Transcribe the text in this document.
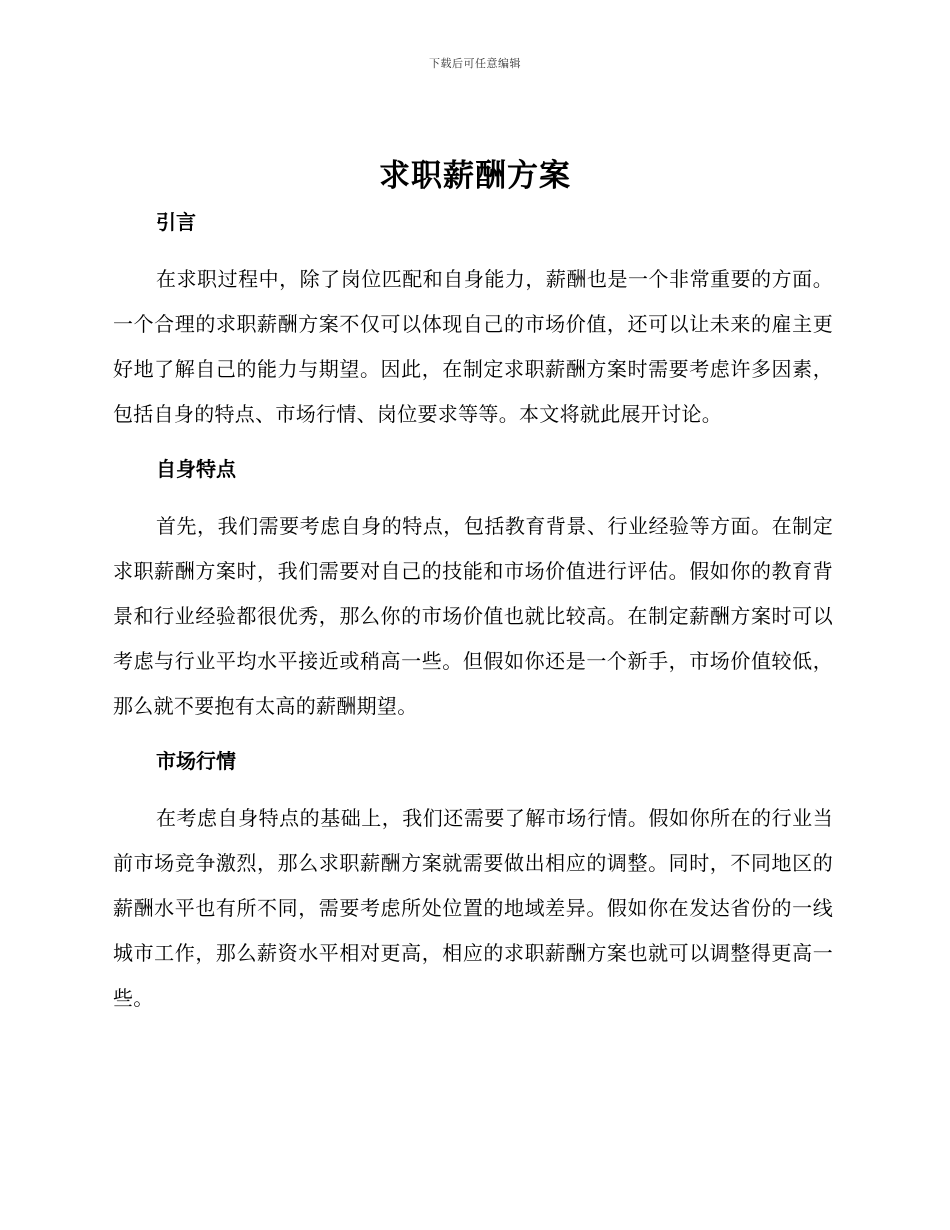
下载后可任意编辑
求职薪酬方案
引言

在求职过程中，除了岗位匹配和自身能力，薪酬也是一个非常重要的方面。一个合理的求职薪酬方案不仅可以体现自己的市场价值，还可以让未来的雇主更好地了解自己的能力与期望。因此，在制定求职薪酬方案时需要考虑许多因素，包括自身的特点、市场行情、岗位要求等等。本文将就此展开讨论。

自身特点

首先，我们需要考虑自身的特点，包括教育背景、行业经验等方面。在制定求职薪酬方案时，我们需要对自己的技能和市场价值进行评估。假如你的教育背景和行业经验都很优秀，那么你的市场价值也就比较高。在制定薪酬方案时可以考虑与行业平均水平接近或稍高一些。但假如你还是一个新手，市场价值较低，那么就不要抱有太高的薪酬期望。

市场行情

在考虑自身特点的基础上，我们还需要了解市场行情。假如你所在的行业当前市场竞争激烈，那么求职薪酬方案就需要做出相应的调整。同时，不同地区的薪酬水平也有所不同，需要考虑所处位置的地域差异。假如你在发达省份的一线城市工作，那么薪资水平相对更高，相应的求职薪酬方案也就可以调整得更高一些。
